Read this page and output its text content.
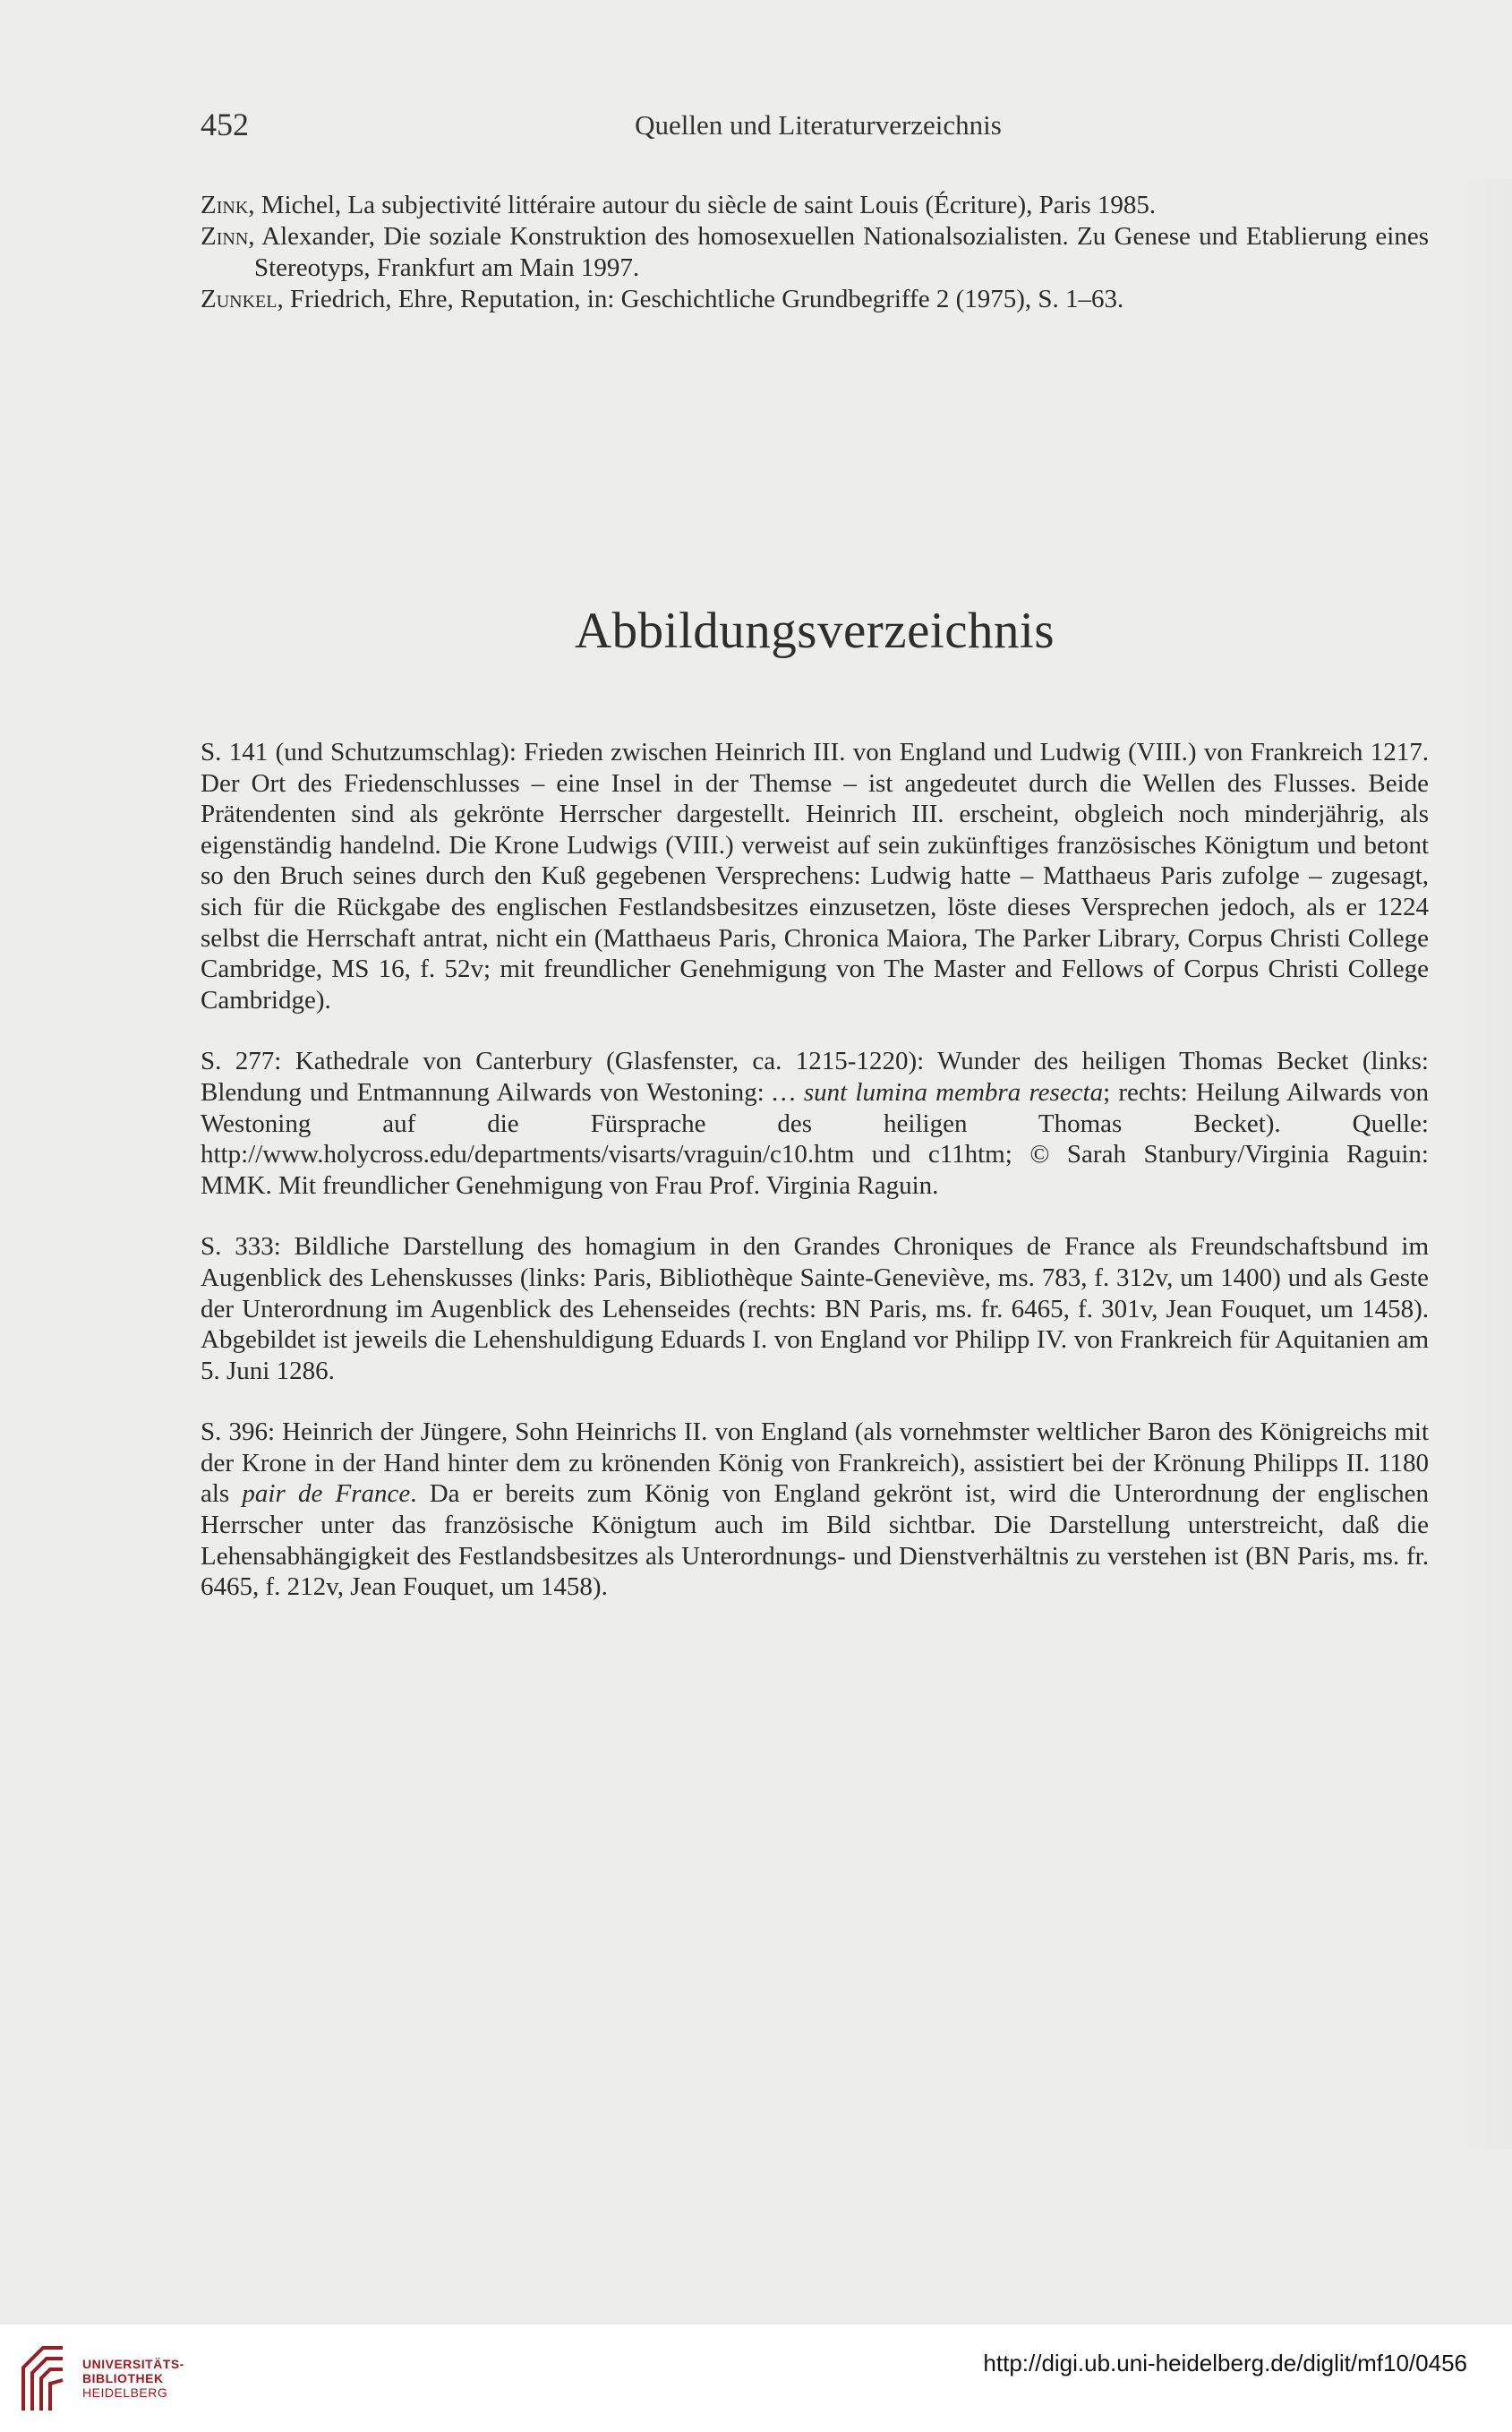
452	Quellen und Literaturverzeichnis

Zink, Michel, La subjectivité littéraire autour du siècle de saint Louis (Écriture), Paris 1985.

Zinn, Alexander, Die soziale Konstruktion des homosexuellen Nationalsozialisten. Zu Genese und Etablierung eines Stereotyps, Frankfurt am Main 1997.

Zunkel, Friedrich, Ehre, Reputation, in: Geschichtliche Grundbegriffe 2 (1975), S. 1–63.

Abbildungsverzeichnis

S. 141 (und Schutzumschlag): Frieden zwischen Heinrich III. von England und Ludwig (VIII.) von Frankreich 1217. Der Ort des Friedenschlusses – eine Insel in der Themse – ist angedeutet durch die Wellen des Flusses. Beide Prätendenten sind als gekrönte Herrscher dargestellt. Heinrich III. erscheint, obgleich noch minderjährig, als eigenständig handelnd. Die Krone Ludwigs (VIII.) verweist auf sein zukünftiges französisches Königtum und betont so den Bruch seines durch den Kuß gegebenen Versprechens: Ludwig hatte – Matthaeus Paris zufolge – zugesagt, sich für die Rückgabe des englischen Festlandsbesitzes einzusetzen, löste dieses Versprechen jedoch, als er 1224 selbst die Herrschaft antrat, nicht ein (Matthaeus Paris, Chronica Maiora, The Parker Library, Corpus Christi College Cambridge, MS 16, f. 52v; mit freundlicher Genehmigung von The Master and Fellows of Corpus Christi College Cambridge).

S. 277: Kathedrale von Canterbury (Glasfenster, ca. 1215-1220): Wunder des heiligen Thomas Becket (links: Blendung und Entmannung Ailwards von Westoning: … sunt lumina membra resecta; rechts: Heilung Ailwards von Westoning auf die Fürsprache des heiligen Thomas Becket). Quelle: http://www.holycross.edu/departments/visarts/vraguin/c10.htm und c11htm; © Sarah Stanbury/Virginia Raguin: MMK. Mit freundlicher Genehmigung von Frau Prof. Virginia Raguin.

S. 333: Bildliche Darstellung des homagium in den Grandes Chroniques de France als Freundschaftsbund im Augenblick des Lehenskusses (links: Paris, Bibliothèque Sainte-Geneviève, ms. 783, f. 312v, um 1400) und als Geste der Unterordnung im Augenblick des Lehenseides (rechts: BN Paris, ms. fr. 6465, f. 301v, Jean Fouquet, um 1458). Abgebildet ist jeweils die Lehenshuldigung Eduards I. von England vor Philipp IV. von Frankreich für Aquitanien am 5. Juni 1286.

S. 396: Heinrich der Jüngere, Sohn Heinrichs II. von England (als vornehmster weltlicher Baron des Königreichs mit der Krone in der Hand hinter dem zu krönenden König von Frankreich), assistiert bei der Krönung Philipps II. 1180 als pair de France. Da er bereits zum König von England gekrönt ist, wird die Unterordnung der englischen Herrscher unter das französische Königtum auch im Bild sichtbar. Die Darstellung unterstreicht, daß die Lehensabhängigkeit des Festlandsbesitzes als Unterordnungs- und Dienstverhältnis zu verstehen ist (BN Paris, ms. fr. 6465, f. 212v, Jean Fouquet, um 1458).

UNIVERSITÄTS-
BIBLIOTHEK
HEIDELBERG
http://digi.ub.uni-heidelberg.de/diglit/mf10/0456
